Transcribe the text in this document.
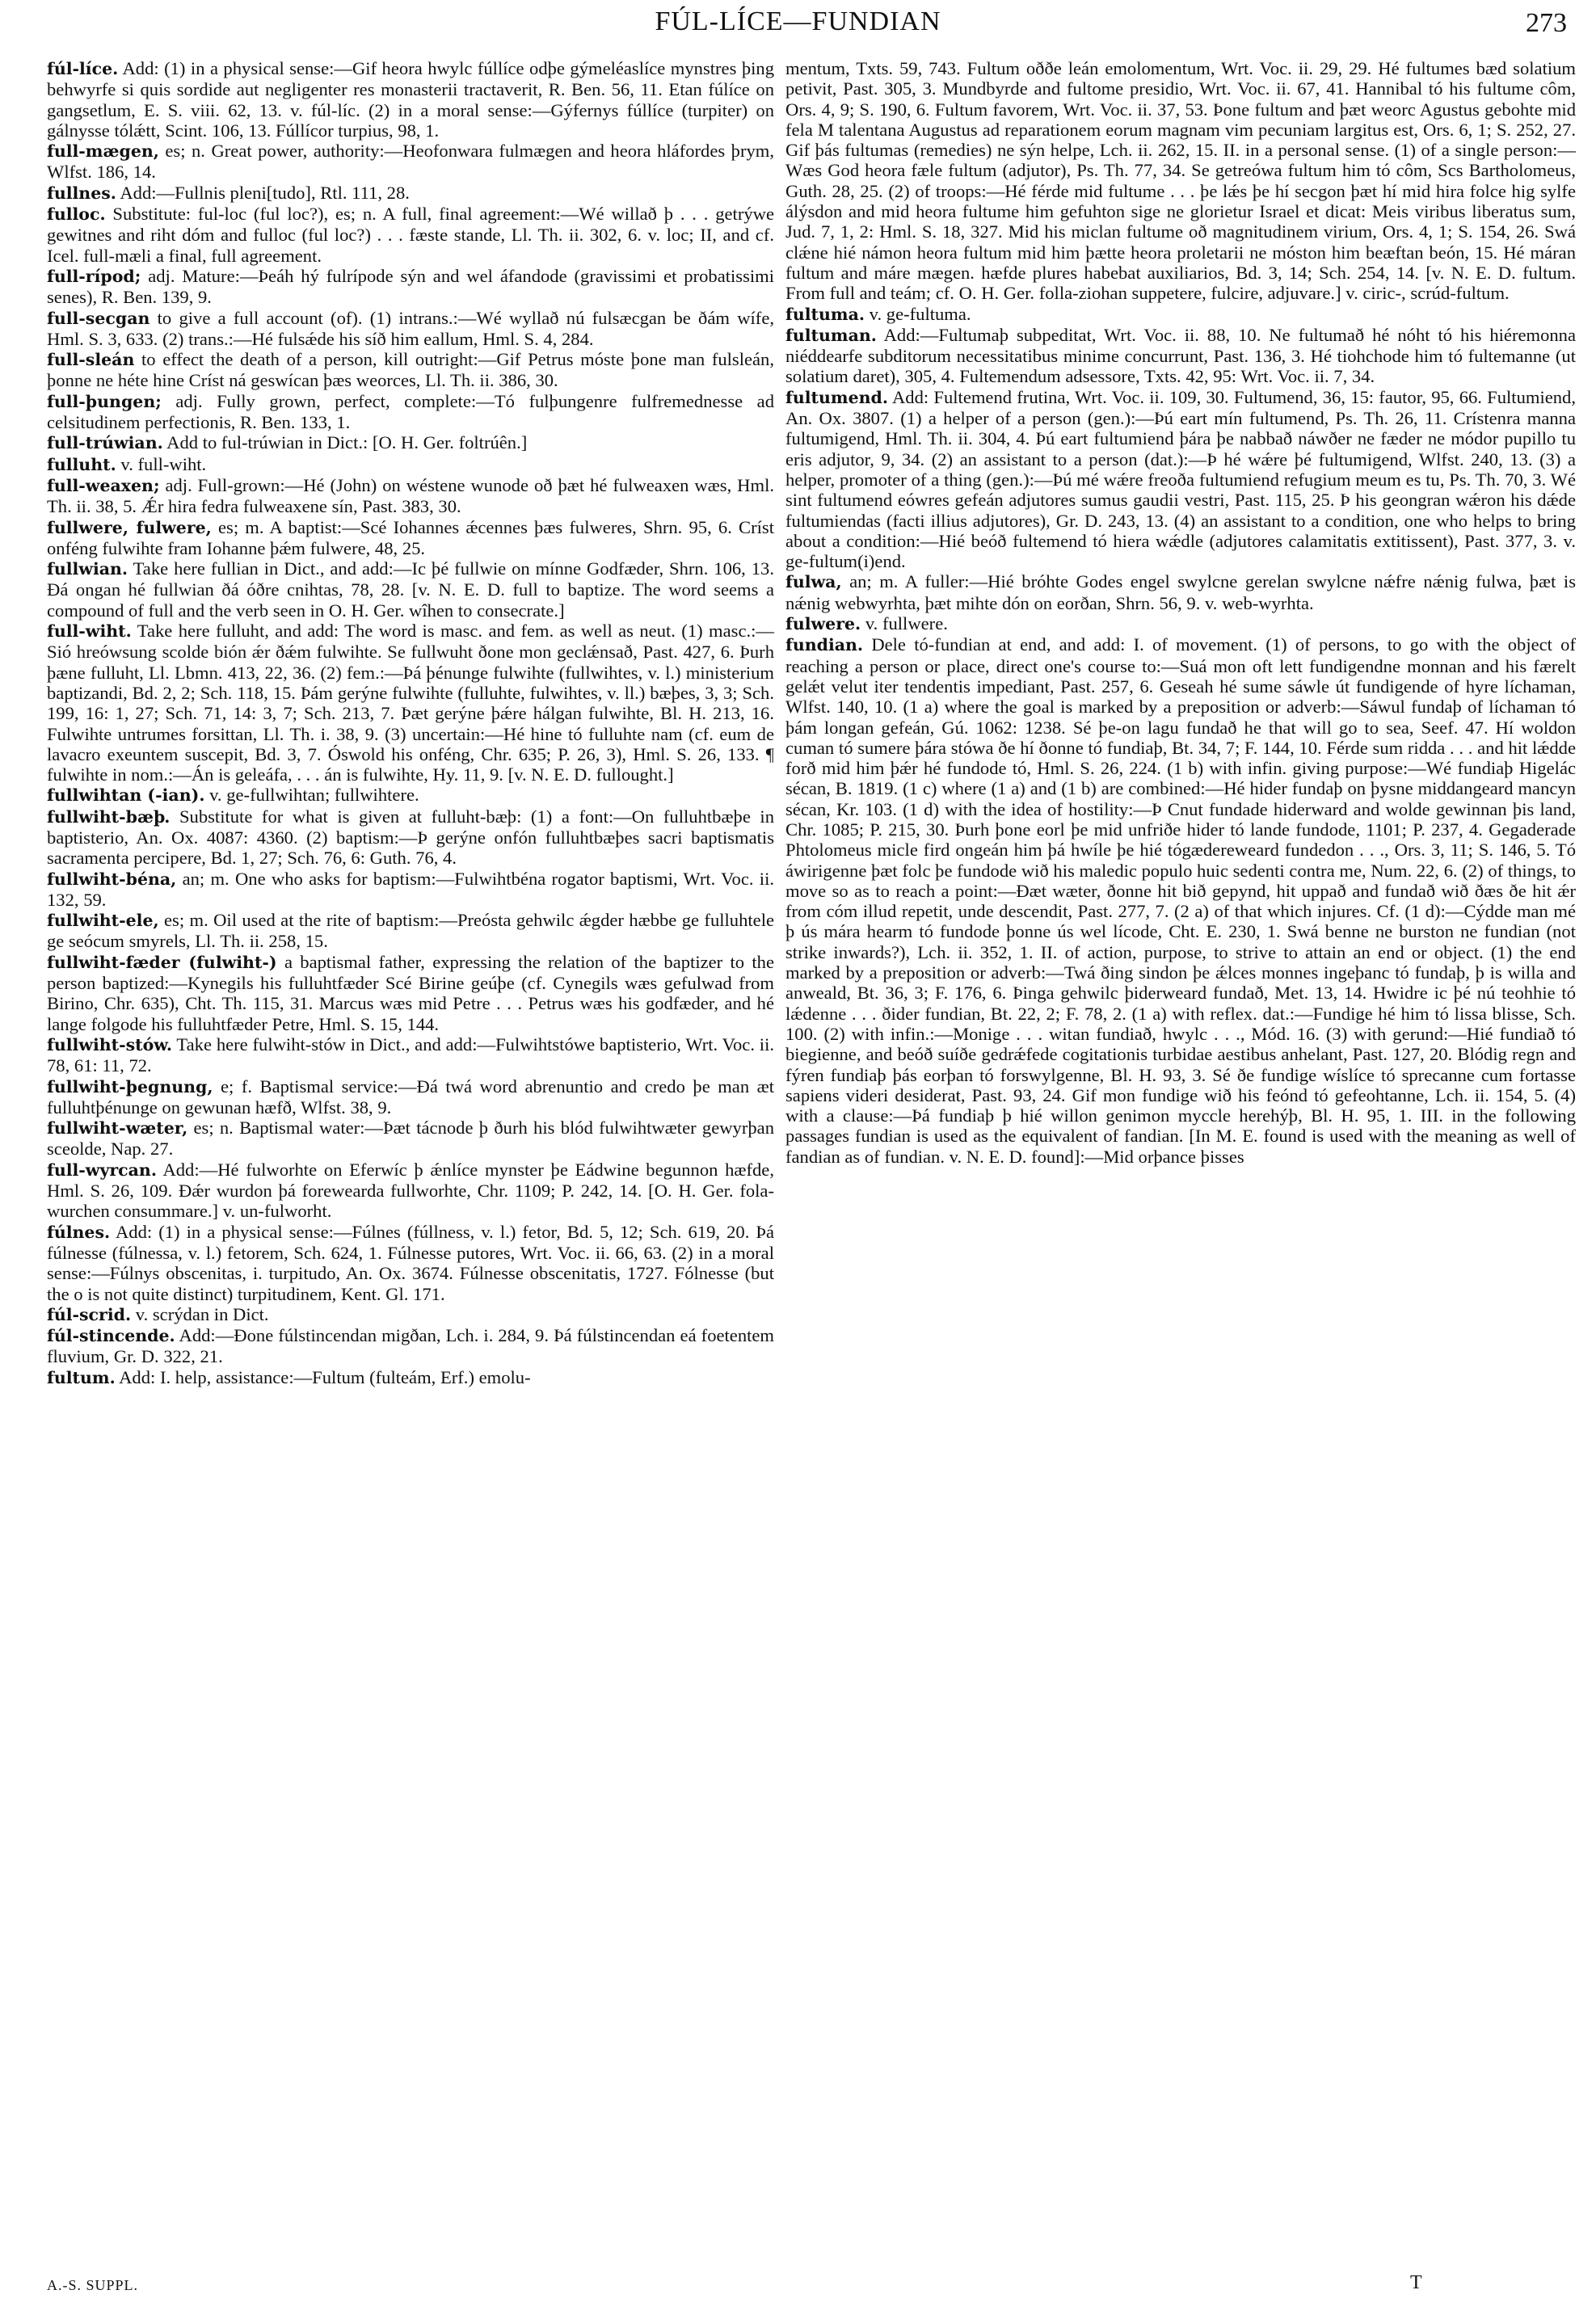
FÚL-LÍCE—FUNDIAN	273

fúl-líce. Add: (1) in a physical sense:—Gif heora hwylc fúllíce odþe gýmeléaslíce mynstres þing behwyrfe si quis sordide aut negligenter res monasterii tractaverit, R. Ben. 56, 11. Etan fúlíce on gangsetlum, E. S. viii. 62, 13. v. fúl-líc. (2) in a moral sense:—Gýfernys fúllíce (turpiter) on gálnysse tólǽtt, Scint. 106, 13. Fúllícor turpius, 98, 1.

full-mægen, es; n. Great power, authority:—Heofonwara fulmægen and heora hláfordes þrym, Wlfst. 186, 14.

fullnes. Add:—Fullnis pleni[tudo], Rtl. 111, 28.

fulloc. Substitute: ful-loc (ful loc?), es; n. A full, final agreement:—Wé willað þ . . . getrýwe gewitnes and riht dóm and fulloc (ful loc?) . . . fæste stande, Ll. Th. ii. 302, 6. v. loc; II, and cf. Icel. full-mæli a final, full agreement.

full-rípod; adj. Mature:—Þeáh hý fulrípode sýn and wel áfandode (gravissimi et probatissimi senes), R. Ben. 139, 9.

full-secgan to give a full account (of). (1) intrans.:—Wé wyllað nú fulsæcgan be ðám wífe, Hml. S. 3, 633. (2) trans.:—Hé fulsǽde his síð him eallum, Hml. S. 4, 284.

full-sleán to effect the death of a person, kill outright:—Gif Petrus móste þone man fulsleán, þonne ne héte hine Críst ná geswícan þæs weorces, Ll. Th. ii. 386, 30.

full-þungen; adj. Fully grown, perfect, complete:—Tó fulþungenre fulfremednesse ad celsitudinem perfectionis, R. Ben. 133, 1.

full-trúwian. Add to ful-trúwian in Dict.: [O. H. Ger. foltrúên.]

fulluht. v. full-wiht.

full-weaxen; adj. Full-grown:—Hé (John) on wéstene wunode oð þæt hé fulweaxen wæs, Hml. Th. ii. 38, 5. Ǽr hira fedra fulweaxene sín, Past. 383, 30.

fullwere, fulwere, es; m. A baptist:—Scé Iohannes ǽcennes þæs fulweres, Shrn. 95, 6. Críst onféng fulwihte fram Iohanne þǽm fulwere, 48, 25.

fullwian. Take here fullian in Dict., and add:—Ic þé fullwie on mínne Godfæder, Shrn. 106, 13. Ðá ongan hé fullwian ðá óðre cnihtas, 78, 28. [v. N. E. D. full to baptize. The word seems a compound of full and the verb seen in O. H. Ger. wîhen to consecrate.]

full-wiht. Take here fulluht, and add: The word is masc. and fem. as well as neut. (1) masc.:—Sió hreówsung scolde bión ǽr ðǽm fulwihte. Se fullwuht ðone mon geclǽnsað, Past. 427, 6. Þurh þæne fulluht, Ll. Lbmn. 413, 22, 36. (2) fem.:—Þá þénunge fulwihte (fullwihtes, v. l.) ministerium baptizandi, Bd. 2, 2; Sch. 118, 15. Þám gerýne fulwihte (fulluhte, fulwihtes, v. ll.) bæþes, 3, 3; Sch. 199, 16: 1, 27; Sch. 71, 14: 3, 7; Sch. 213, 7. Þæt gerýne þǽre hálgan fulwihte, Bl. H. 213, 16. Fulwihte untrumes forsittan, Ll. Th. i. 38, 9. (3) uncertain:—Hé hine tó fulluhte nam (cf. eum de lavacro exeuntem suscepit, Bd. 3, 7. Óswold his onféng, Chr. 635; P. 26, 3), Hml. S. 26, 133. ¶ fulwihte in nom.:—Án is geleáfa, . . . án is fulwihte, Hy. 11, 9. [v. N. E. D. fullought.]

fullwihtan (-ian). v. ge-fullwihtan; fullwihtere.

fullwiht-bæþ. Substitute for what is given at fulluht-bæþ: (1) a font:—On fulluhtbæþe in baptisterio, An. Ox. 4087: 4360. (2) baptism:—Þ gerýne onfón fulluhtbæþes sacri baptismatis sacramenta percipere, Bd. 1, 27; Sch. 76, 6: Guth. 76, 4.

fullwiht-béna, an; m. One who asks for baptism:—Fulwihtbéna rogator baptismi, Wrt. Voc. ii. 132, 59.

fullwiht-ele, es; m. Oil used at the rite of baptism:—Preósta gehwilc ǽgder hæbbe ge fulluhtele ge seócum smyrels, Ll. Th. ii. 258, 15.

fullwiht-fæder (fulwiht-) a baptismal father, expressing the relation of the baptizer to the person baptized:—Kynegils his fulluhtfæder Scé Birine geúþe (cf. Cynegils wæs gefulwad from Birino, Chr. 635), Cht. Th. 115, 31. Marcus wæs mid Petre . . . Petrus wæs his godfæder, and hé lange folgode his fulluhtfæder Petre, Hml. S. 15, 144.

fullwiht-stów. Take here fulwiht-stów in Dict., and add:—Fulwihtstówe baptisterio, Wrt. Voc. ii. 78, 61: 11, 72.

fullwiht-þegnung, e; f. Baptismal service:—Ðá twá word abrenuntio and credo þe man æt fulluhtþénunge on gewunan hæfð, Wlfst. 38, 9.

fullwiht-wæter, es; n. Baptismal water:—Þæt tácnode þ ðurh his blód fulwihtwæter gewyrþan sceolde, Nap. 27.

full-wyrcan. Add:—Hé fulworhte on Eferwíc þ ǽnlíce mynster þe Eádwine begunnon hæfde, Hml. S. 26, 109. Ðǽr wurdon þá forewearda fullworhte, Chr. 1109; P. 242, 14. [O. H. Ger. fola-wurchen consummare.] v. un-fulworht.

fúlnes. Add: (1) in a physical sense:—Fúlnes (fúllness, v. l.) fetor, Bd. 5, 12; Sch. 619, 20. Þá fúlnesse (fúlnessa, v. l.) fetorem, Sch. 624, 1. Fúlnesse putores, Wrt. Voc. ii. 66, 63. (2) in a moral sense:—Fúlnys obscenitas, i. turpitudo, An. Ox. 3674. Fúlnesse obscenitatis, 1727. Fólnesse (but the o is not quite distinct) turpitudinem, Kent. Gl. 171.

fúl-scrid. v. scrýdan in Dict.

fúl-stincende. Add:—Ðone fúlstincendan migðan, Lch. i. 284, 9. Þá fúlstincendan eá foetentem fluvium, Gr. D. 322, 21.

fultum. Add: I. help, assistance:—Fultum (fulteám, Erf.) emolu-

mentum, Txts. 59, 743. Fultum oððe leán emolomentum, Wrt. Voc. ii. 29, 29. Hé fultumes bæd solatium petivit, Past. 305, 3. Mundbyrde and fultome presidio, Wrt. Voc. ii. 67, 41. Hannibal tó his fultume côm, Ors. 4, 9; S. 190, 6. Fultum favorem, Wrt. Voc. ii. 37, 53. Þone fultum and þæt weorc Agustus gebohte mid fela M talentana Augustus ad reparationem eorum magnam vim pecuniam largitus est, Ors. 6, 1; S. 252, 27. Gif þás fultumas (remedies) ne sýn helpe, Lch. ii. 262, 15. II. in a personal sense. (1) of a single person:—Wæs God heora fæle fultum (adjutor), Ps. Th. 77, 34. Se getreówa fultum him tó côm, Scs Bartholomeus, Guth. 28, 25. (2) of troops:—Hé férde mid fultume . . . þe lǽs þe hí secgon þæt hí mid hira folce hig sylfe álýsdon and mid heora fultume him gefuhton sige ne glorietur Israel et dicat: Meis viribus liberatus sum, Jud. 7, 1, 2: Hml. S. 18, 327. Mid his miclan fultume oð magnitudinem virium, Ors. 4, 1; S. 154, 26. Swá clǽne hié námon heora fultum mid him þætte heora proletarii ne móston him beæftan beón, 15. Hé máran fultum and máre mægen. hæfde plures habebat auxiliarios, Bd. 3, 14; Sch. 254, 14. [v. N. E. D. fultum. From full and teám; cf. O. H. Ger. folla-ziohan suppetere, fulcire, adjuvare.] v. ciric-, scrúd-fultum.

fultuma. v. ge-fultuma.

fultuman. Add:—Fultumaþ subpeditat, Wrt. Voc. ii. 88, 10. Ne fultumað hé nóht tó his hiéremonna niéddearfe subditorum necessitatibus minime concurrunt, Past. 136, 3. Hé tiohchode him tó fultemanne (ut solatium daret), 305, 4. Fultemendum adsessore, Txts. 42, 95: Wrt. Voc. ii. 7, 34.

fultumend. Add: Fultemend frutina, Wrt. Voc. ii. 109, 30. Fultumend, 36, 15: fautor, 95, 66. Fultumiend, An. Ox. 3807. (1) a helper of a person (gen.):—Þú eart mín fultumend, Ps. Th. 26, 11. Crístenra manna fultumigend, Hml. Th. ii. 304, 4. Þú eart fultumiend þára þe nabbað náwðer ne fæder ne módor pupillo tu eris adjutor, 9, 34. (2) an assistant to a person (dat.):—Þ hé wǽre þé fultumigend, Wlfst. 240, 13. (3) a helper, promoter of a thing (gen.):—Þú mé wǽre freoða fultumiend refugium meum es tu, Ps. Th. 70, 3. Wé sint fultumend eówres gefeán adjutores sumus gaudii vestri, Past. 115, 25. Þ his geongran wǽron his dǽde fultumiendas (facti illius adjutores), Gr. D. 243, 13. (4) an assistant to a condition, one who helps to bring about a condition:—Hié beóð fultemend tó hiera wǽdle (adjutores calamitatis extitissent), Past. 377, 3. v. ge-fultum(i)end.

fulwa, an; m. A fuller:—Hié bróhte Godes engel swylcne gerelan swylcne nǽfre nǽnig fulwa, þæt is nǽnig webwyrhta, þæt mihte dón on eorðan, Shrn. 56, 9. v. web-wyrhta.

fulwere. v. fullwere.

fundian. Dele tó-fundian at end, and add: I. of movement. (1) of persons, to go with the object of reaching a person or place, direct one's course to:—Suá mon oft lett fundigendne monnan and his færelt gelǽt velut iter tendentis impediant, Past. 257, 6. Geseah hé sume sáwle út fundigende of hyre líchaman, Wlfst. 140, 10. (1 a) where the goal is marked by a preposition or adverb:—Sáwul fundaþ of líchaman tó þám longan gefeán, Gú. 1062: 1238. Sé þe-on lagu fundað he that will go to sea, Seef. 47. Hí woldon cuman tó sumere þára stówa ðe hí ðonne tó fundiaþ, Bt. 34, 7; F. 144, 10. Férde sum ridda . . . and hit lǽdde forð mid him þǽr hé fundode tó, Hml. S. 26, 224. (1 b) with infin. giving purpose:—Wé fundiaþ Higelác sécan, B. 1819. (1 c) where (1 a) and (1 b) are combined:—Hé hider fundaþ on þysne middangeard mancyn sécan, Kr. 103. (1 d) with the idea of hostility:—Þ Cnut fundade hiderward and wolde gewinnan þis land, Chr. 1085; P. 215, 30. Þurh þone eorl þe mid unfriðe hider tó lande fundode, 1101; P. 237, 4. Gegaderade Phtolomeus micle fird ongeán him þá hwíle þe hié tógædereweard fundedon . . ., Ors. 3, 11; S. 146, 5. Tó áwirigenne þæt folc þe fundode wið his maledic populo huic sedenti contra me, Num. 22, 6. (2) of things, to move so as to reach a point:—Ðæt wæter, ðonne hit bið gepynd, hit uppað and fundað wið ðæs ðe hit ǽr from cóm illud repetit, unde descendit, Past. 277, 7. (2 a) of that which injures. Cf. (1 d):—Cýdde man mé þ ús mára hearm tó fundode þonne ús wel lícode, Cht. E. 230, 1. Swá benne ne burston ne fundian (not strike inwards?), Lch. ii. 352, 1. II. of action, purpose, to strive to attain an end or object. (1) the end marked by a preposition or adverb:—Twá ðing sindon þe ǽlces monnes ingeþanc tó fundaþ, þ is willa and anweald, Bt. 36, 3; F. 176, 6. Þinga gehwilc þiderweard fundað, Met. 13, 14. Hwidre ic þé nú teohhie tó lǽdenne . . . ðider fundian, Bt. 22, 2; F. 78, 2. (1 a) with reflex. dat.:—Fundige hé him tó lissa blisse, Sch. 100. (2) with infin.:—Monige . . . witan fundiað, hwylc . . ., Mód. 16. (3) with gerund:—Hié fundiað tó biegienne, and beóð suíðe gedrǽfede cogitationis turbidae aestibus anhelant, Past. 127, 20. Blódig regn and fýren fundiaþ þás eorþan tó forswylgenne, Bl. H. 93, 3. Sé ðe fundige wíslíce tó sprecanne cum fortasse sapiens videri desiderat, Past. 93, 24. Gif mon fundige wið his feónd tó gefeohtanne, Lch. ii. 154, 5. (4) with a clause:—Þá fundiaþ þ hié willon genimon myccle herehýþ, Bl. H. 95, 1. III. in the following passages fundian is used as the equivalent of fandian. [In M. E. found is used with the meaning as well of fandian as of fundian. v. N. E. D. found]:—Mid orþance þisses

A.-S. SUPPL.	T
